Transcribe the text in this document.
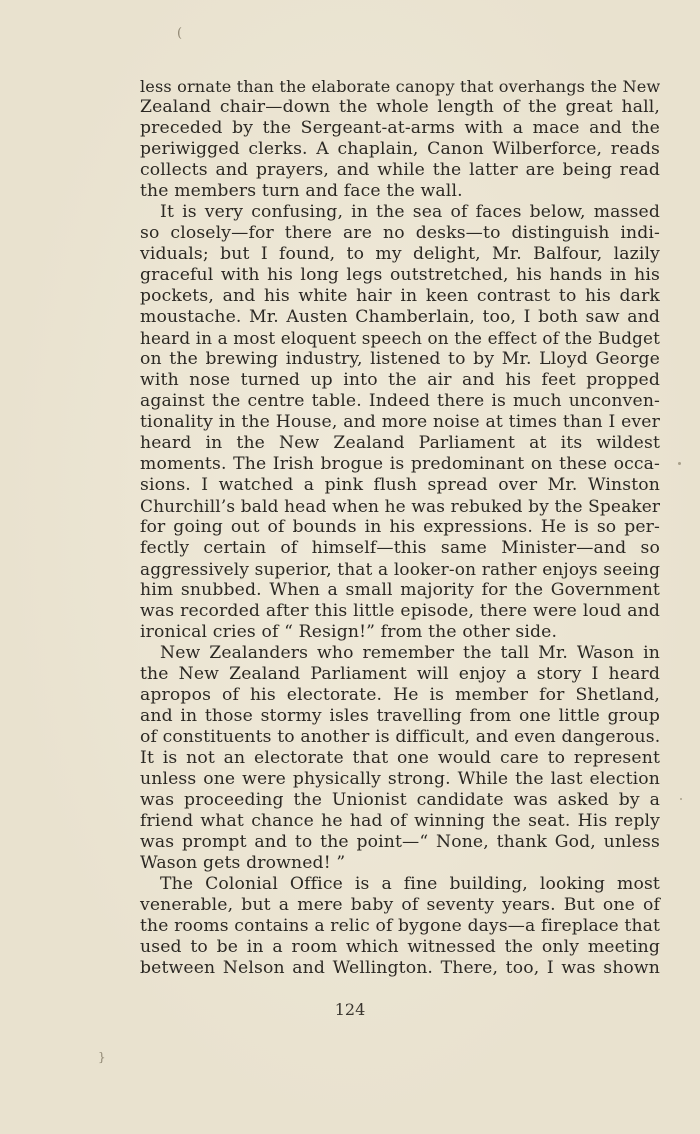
(
less ornate than the elaborate canopy that overhangs the New
Zealand chair—down the whole length of the great hall,
preceded by the Sergeant-at-arms with a mace and the
periwigged clerks. A chaplain, Canon Wilberforce, reads
collects and prayers, and while the latter are being read
the members turn and face the wall.
It is very confusing, in the sea of faces below, massed
so closely—for there are no desks—to distinguish indi-
viduals; but I found, to my delight, Mr. Balfour, lazily
graceful with his long legs outstretched, his hands in his
pockets, and his white hair in keen contrast to his dark
moustache. Mr. Austen Chamberlain, too, I both saw and
heard in a most eloquent speech on the effect of the Budget
on the brewing industry, listened to by Mr. Lloyd George
with nose turned up into the air and his feet propped
against the centre table. Indeed there is much unconven-
tionality in the House, and more noise at times than I ever
heard in the New Zealand Parliament at its wildest
moments. The Irish brogue is predominant on these occa-
sions. I watched a pink flush spread over Mr. Winston
Churchill’s bald head when he was rebuked by the Speaker
for going out of bounds in his expressions. He is so per-
fectly certain of himself—this same Minister—and so
aggressively superior, that a looker-on rather enjoys seeing
him snubbed. When a small majority for the Government
was recorded after this little episode, there were loud and
ironical cries of “ Resign!” from the other side.
New Zealanders who remember the tall Mr. Wason in
the New Zealand Parliament will enjoy a story I heard
apropos of his electorate. He is member for Shetland,
and in those stormy isles travelling from one little group
of constituents to another is difficult, and even dangerous.
It is not an electorate that one would care to represent
unless one were physically strong. While the last election
was proceeding the Unionist candidate was asked by a
friend what chance he had of winning the seat. His reply
was prompt and to the point—“ None, thank God, unless
Wason gets drowned! ”
The Colonial Office is a fine building, looking most
venerable, but a mere baby of seventy years. But one of
the rooms contains a relic of bygone days—a fireplace that
used to be in a room which witnessed the only meeting
between Nelson and Wellington. There, too, I was shown
124
}
